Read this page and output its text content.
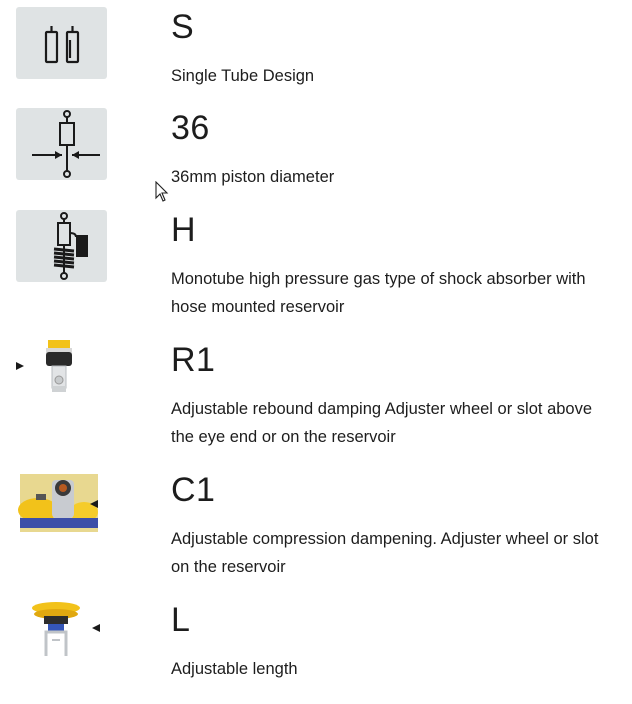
S
Single Tube Design
36
36mm piston diameter
H
Monotube high pressure gas type of shock absorber with hose mounted reservoir
R1
Adjustable rebound damping Adjuster wheel or slot above the eye end or on the reservoir
C1
Adjustable compression dampening. Adjuster wheel or slot on the reservoir
L
Adjustable length
